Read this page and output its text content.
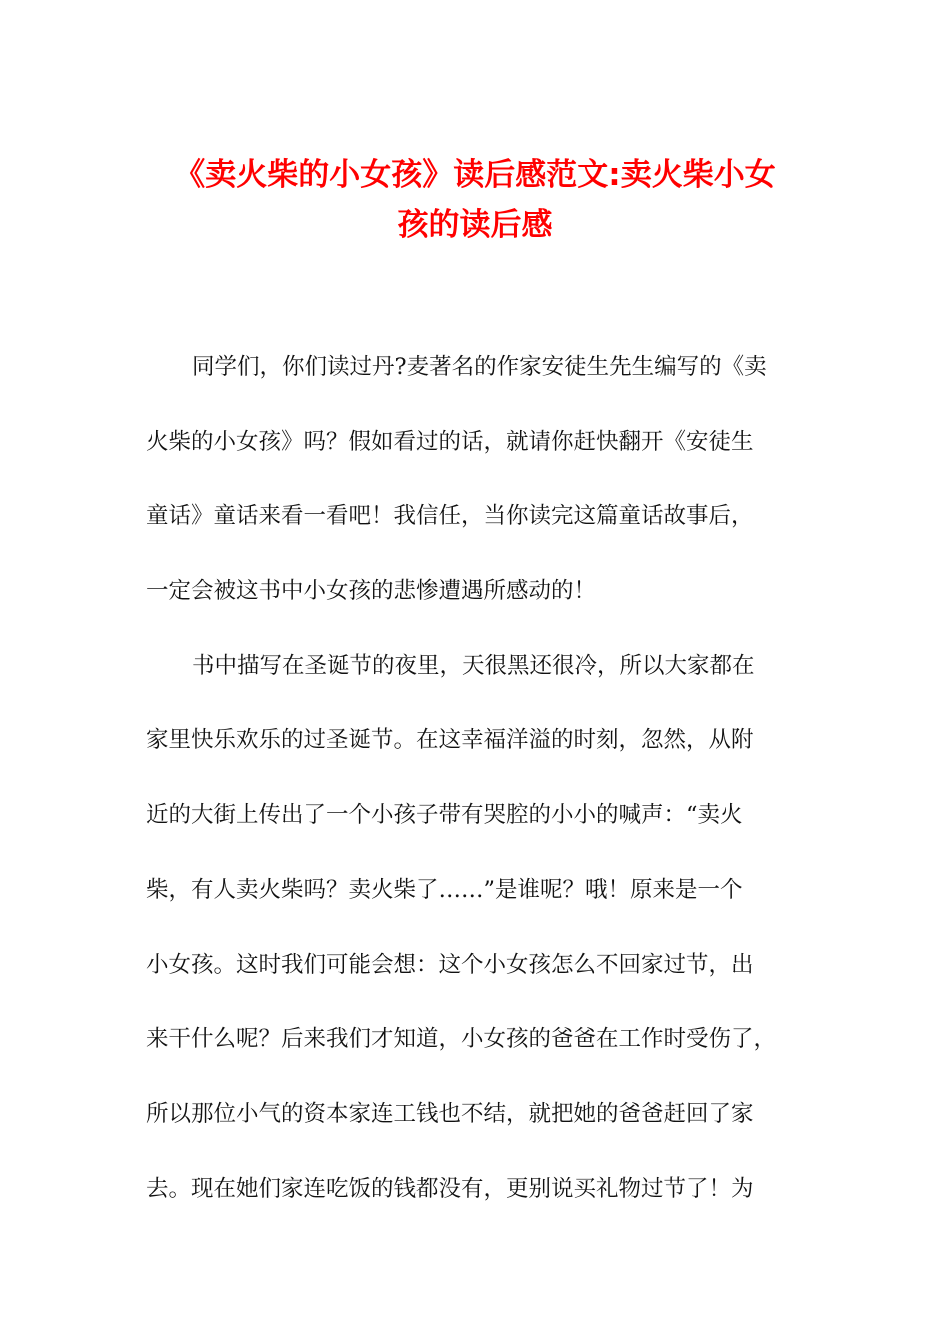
《卖火柴的小女孩》读后感范文:卖火柴小女
孩的读后感
同学们，你们读过丹?麦著名的作家安徒生先生编写的《卖
火柴的小女孩》吗？假如看过的话，就请你赶快翻开《安徒生
童话》童话来看一看吧！我信任，当你读完这篇童话故事后，
一定会被这书中小女孩的悲惨遭遇所感动的！
书中描写在圣诞节的夜里，天很黑还很冷，所以大家都在
家里快乐欢乐的过圣诞节。在这幸福洋溢的时刻，忽然，从附
近的大街上传出了一个小孩子带有哭腔的小小的喊声：“卖火
柴，有人卖火柴吗？卖火柴了……”是谁呢？哦！原来是一个
小女孩。这时我们可能会想：这个小女孩怎么不回家过节，出
来干什么呢？后来我们才知道，小女孩的爸爸在工作时受伤了，
所以那位小气的资本家连工钱也不结，就把她的爸爸赶回了家
去。现在她们家连吃饭的钱都没有，更别说买礼物过节了！为
